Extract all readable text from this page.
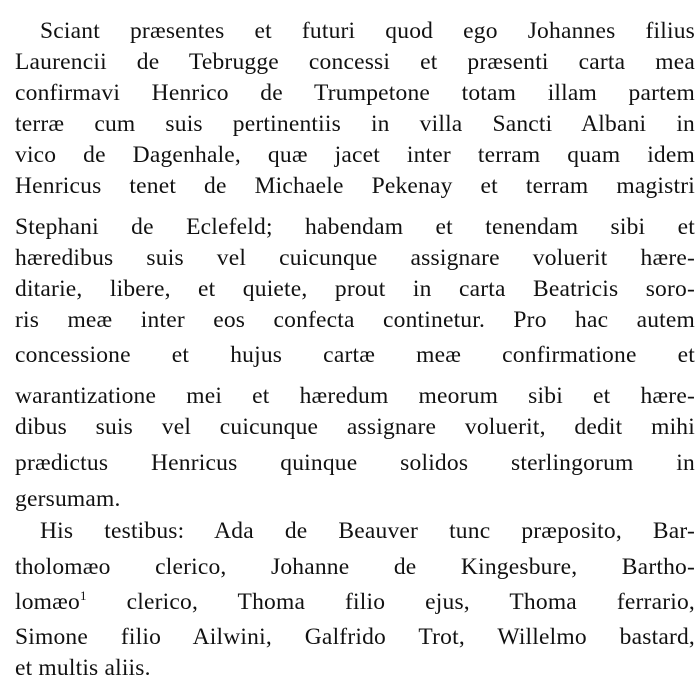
Sciant præsentes et futuri quod ego Johannes filius
Laurencii de Tebrugge concessi et præsenti carta mea
confirmavi Henrico de Trumpetone totam illam partem
terræ cum suis pertinentiis in villa Sancti Albani in
vico de Dagenhale, quæ jacet inter terram quam idem
Henricus tenet de Michaele Pekenay et terram magistri
Stephani de Eclefeld; habendam et tenendam sibi et
hæredibus suis vel cuicunque assignare voluerit hære-
ditarie, libere, et quiete, prout in carta Beatricis soro-
ris meæ inter eos confecta continetur. Pro hac autem
concessione et hujus cartæ meæ confirmatione et
warantizatione mei et hæredum meorum sibi et hære-
dibus suis vel cuicunque assignare voluerit, dedit mihi
prædictus Henricus quinque solidos sterlingorum in
gersumam.
His testibus: Ada de Beauver tunc præposito, Bar-
tholomæo clerico, Johanne de Kingesbure, Bartho-
lomæo$^1$ clerico, Thoma filio ejus, Thoma ferrario,
Simone filio Ailwini, Galfrido Trot, Willelmo bastard,
et multis aliis.
